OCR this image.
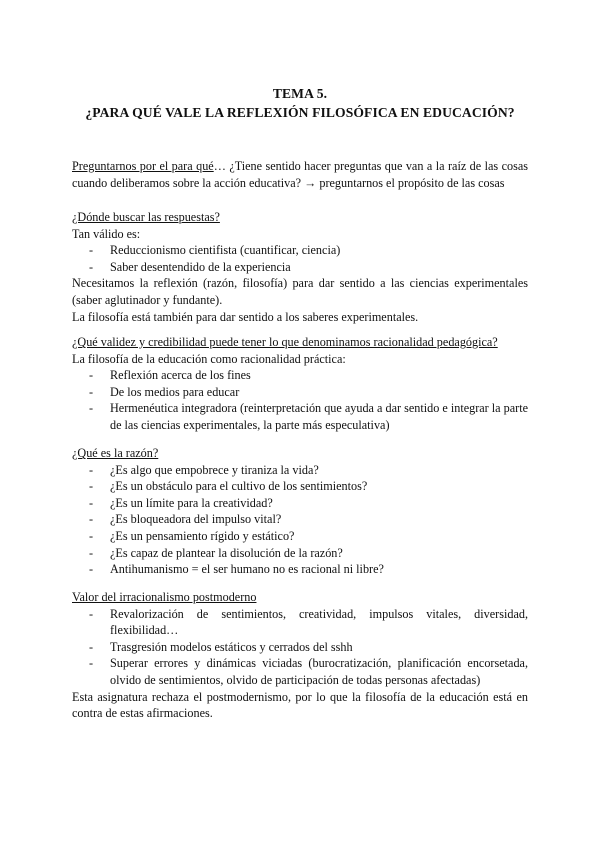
TEMA 5.
¿PARA QUÉ VALE LA REFLEXIÓN FILOSÓFICA EN EDUCACIÓN?
Preguntarnos por el para qué… ¿Tiene sentido hacer preguntas que van a la raíz de las cosas cuando deliberamos sobre la acción educativa? → preguntarnos el propósito de las cosas

¿Dónde buscar las respuestas?

Tan válido es:

- Reduccionismo cientifista (cuantificar, ciencia)
- Saber desentendido de la experiencia

Necesitamos la reflexión (razón, filosofía) para dar sentido a las ciencias experimentales (saber aglutinador y fundante).

La filosofía está también para dar sentido a los saberes experimentales.

¿Qué validez y credibilidad puede tener lo que denominamos racionalidad pedagógica?

La filosofía de la educación como racionalidad práctica:

- Reflexión acerca de los fines
- De los medios para educar
- Hermenéutica integradora (reinterpretación que ayuda a dar sentido e integrar la parte de las ciencias experimentales, la parte más especulativa)

¿Qué es la razón?

- ¿Es algo que empobrece y tiraniza la vida?
- ¿Es un obstáculo para el cultivo de los sentimientos?
- ¿Es un límite para la creatividad?
- ¿Es bloqueadora del impulso vital?
- ¿Es un pensamiento rígido y estático?
- ¿Es capaz de plantear la disolución de la razón?
- Antihumanismo = el ser humano no es racional ni libre?

Valor del irracionalismo postmoderno

- Revalorización de sentimientos, creatividad, impulsos vitales, diversidad, flexibilidad…
- Trasgresión modelos estáticos y cerrados del sshh
- Superar errores y dinámicas viciadas (burocratización, planificación encorsetada, olvido de sentimientos, olvido de participación de todas personas afectadas)

Esta asignatura rechaza el postmodernismo, por lo que la filosofía de la educación está en contra de estas afirmaciones.
